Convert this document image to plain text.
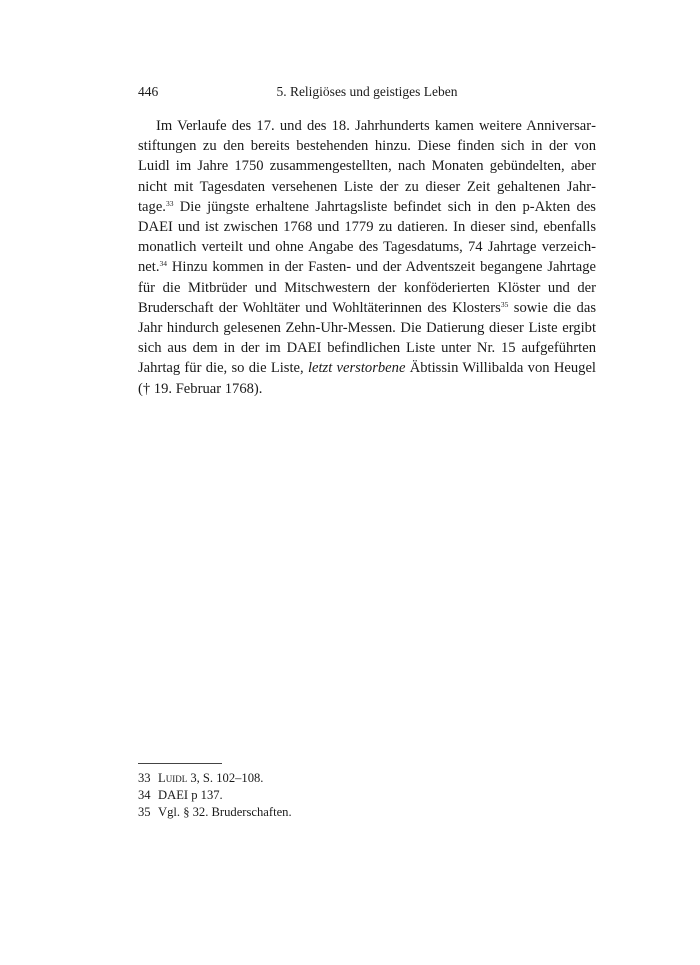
446	5. Religiöses und geistiges Leben

Im Verlaufe des 17. und des 18. Jahrhunderts kamen weitere Anniversarstiftungen zu den bereits bestehenden hinzu. Diese finden sich in der von Luidl im Jahre 1750 zusammengestellten, nach Monaten gebündelten, aber nicht mit Tagesdaten versehenen Liste der zu dieser Zeit gehaltenen Jahrtage.$^{33}$ Die jüngste erhaltene Jahrtagsliste befindet sich in den p-Akten des DAEI und ist zwischen 1768 und 1779 zu datieren. In dieser sind, ebenfalls monatlich verteilt und ohne Angabe des Tagesdatums, 74 Jahrtage verzeichnet.$^{34}$ Hinzu kommen in der Fasten- und der Adventszeit begangene Jahrtage für die Mitbrüder und Mitschwestern der konföderierten Klöster und der Bruderschaft der Wohltäter und Wohltäterinnen des Klosters$^{35}$ sowie die das Jahr hindurch gelesenen Zehn-Uhr-Messen. Die Datierung dieser Liste ergibt sich aus dem in der im DAEI befindlichen Liste unter Nr. 15 aufgeführten Jahrtag für die, so die Liste, letzt verstorbene Äbtissin Willibalda von Heugel († 19. Februar 1768).

33 Luidl 3, S. 102–108.
34 DAEI p 137.
35 Vgl. § 32. Bruderschaften.
